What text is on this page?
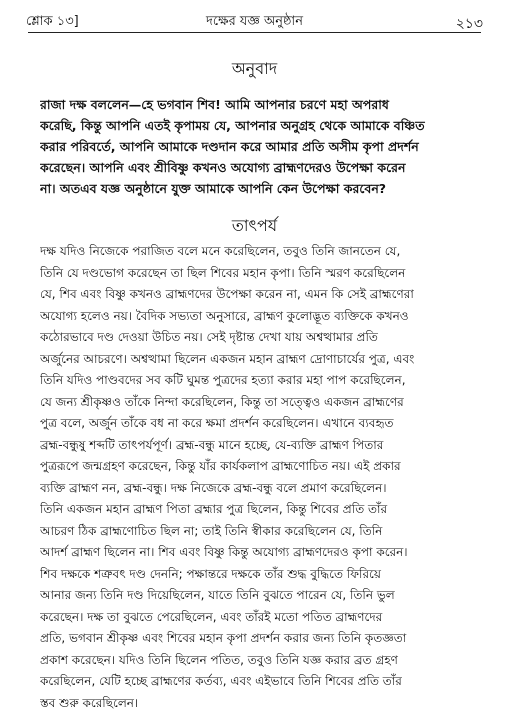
শ্লোক ১৩]	দক্ষের যজ্ঞ অনুষ্ঠান	২১৩
অনুবাদ
রাজা দক্ষ বললেন—হে ভগবান শিব! আমি আপনার চরণে মহা অপরাধ
করেছি, কিন্তু আপনি এতই কৃপাময় যে, আপনার অনুগ্রহ থেকে আমাকে বঞ্চিত
করার পরিবর্তে, আপনি আমাকে দণ্ডদান করে আমার প্রতি অসীম কৃপা প্রদর্শন
করেছেন। আপনি এবং শ্রীবিষ্ণু কখনও অযোগ্য ব্রাহ্মণদেরও উপেক্ষা করেন
না। অতএব যজ্ঞ অনুষ্ঠানে যুক্ত আমাকে আপনি কেন উপেক্ষা করবেন?
তাৎপর্য
দক্ষ যদিও নিজেকে পরাজিত বলে মনে করেছিলেন, তবুও তিনি জানতেন যে,
তিনি যে দণ্ডভোগ করেছেন তা ছিল শিবের মহান কৃপা। তিনি স্মরণ করেছিলেন
যে, শিব এবং বিষ্ণু কখনও ব্রাহ্মণদের উপেক্ষা করেন না, এমন কি সেই ব্রাহ্মণেরা
অযোগ্য হলেও নয়। বৈদিক সভ্যতা অনুসারে, ব্রাহ্মণ কুলোদ্ভূত ব্যক্তিকে কখনও
কঠোরভাবে দণ্ড দেওয়া উচিত নয়। সেই দৃষ্টান্ত দেখা যায় অশ্বত্থামার প্রতি
অর্জুনের আচরণে। অশ্বত্থামা ছিলেন একজন মহান ব্রাহ্মণ দ্রোণাচার্যের পুত্র, এবং
তিনি যদিও পাণ্ডবদের সব কটি ঘুমন্ত পুত্রদের হত্যা করার মহা পাপ করেছিলেন,
যে জন্য শ্রীকৃষ্ণও তাঁকে নিন্দা করেছিলেন, কিন্তু তা সত্ত্বেও একজন ব্রাহ্মণের
পুত্র বলে, অর্জুন তাঁকে বধ না করে ক্ষমা প্রদর্শন করেছিলেন। এখানে ব্যবহৃত
ব্রহ্ম-বন্ধুষু শব্দটি তাৎপর্যপূর্ণ। ব্রহ্ম-বন্ধু মানে হচ্ছে, যে-ব্যক্তি ব্রাহ্মণ পিতার
পুত্ররূপে জন্মগ্রহণ করেছেন, কিন্তু যাঁর কার্যকলাপ ব্রাহ্মণোচিত নয়। এই প্রকার
ব্যক্তি ব্রাহ্মণ নন, ব্রহ্ম-বন্ধু। দক্ষ নিজেকে ব্রহ্ম-বন্ধু বলে প্রমাণ করেছিলেন।
তিনি একজন মহান ব্রাহ্মণ পিতা ব্রহ্মার পুত্র ছিলেন, কিন্তু শিবের প্রতি তাঁর
আচরণ ঠিক ব্রাহ্মণোচিত ছিল না; তাই তিনি স্বীকার করেছিলেন যে, তিনি
আদর্শ ব্রাহ্মণ ছিলেন না। শিব এবং বিষ্ণু কিন্তু অযোগ্য ব্রাহ্মণদেরও কৃপা করেন।
শিব দক্ষকে শত্রুবৎ দণ্ড দেননি; পক্ষান্তরে দক্ষকে তাঁর শুদ্ধ বুদ্ধিতে ফিরিয়ে
আনার জন্য তিনি দণ্ড দিয়েছিলেন, যাতে তিনি বুঝতে পারেন যে, তিনি ভুল
করেছেন। দক্ষ তা বুঝতে পেরেছিলেন, এবং তাঁরই মতো পতিত ব্রাহ্মণদের
প্রতি, ভগবান শ্রীকৃষ্ণ এবং শিবের মহান কৃপা প্রদর্শন করার জন্য তিনি কৃতজ্ঞতা
প্রকাশ করেছেন। যদিও তিনি ছিলেন পতিত, তবুও তিনি যজ্ঞ করার ব্রত গ্রহণ
করেছিলেন, যেটি হচ্ছে ব্রাহ্মণের কর্তব্য, এবং এইভাবে তিনি শিবের প্রতি তাঁর
স্তব শুরু করেছিলেন।
